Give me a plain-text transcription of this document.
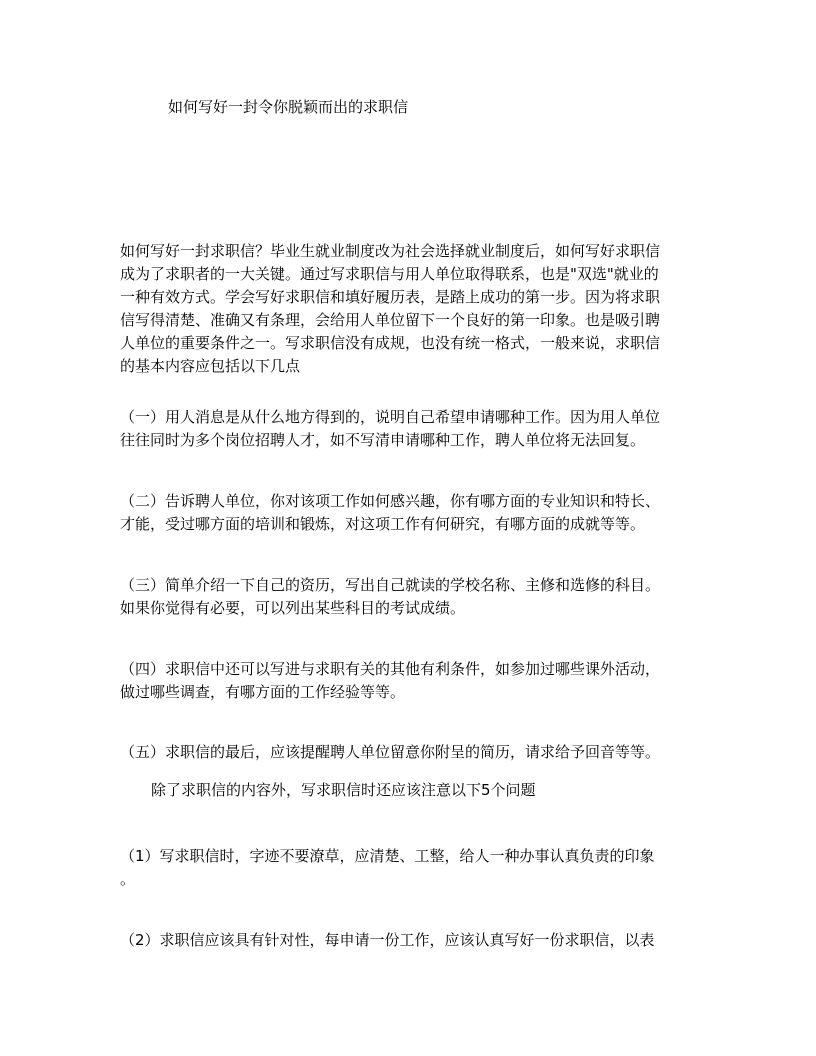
如何写好一封令你脱颖而出的求职信
如何写好一封求职信？毕业生就业制度改为社会选择就业制度后，如何写好求职信
成为了求职者的一大关键。通过写求职信与用人单位取得联系，也是"双选"就业的
一种有效方式。学会写好求职信和填好履历表，是踏上成功的第一步。因为将求职
信写得清楚、准确又有条理，会给用人单位留下一个良好的第一印象。也是吸引聘
人单位的重要条件之一。写求职信没有成规，也没有统一格式，一般来说，求职信
的基本内容应包括以下几点
（一）用人消息是从什么地方得到的，说明自己希望申请哪种工作。因为用人单位
往往同时为多个岗位招聘人才，如不写清申请哪种工作，聘人单位将无法回复。
（二）告诉聘人单位，你对该项工作如何感兴趣，你有哪方面的专业知识和特长、
才能，受过哪方面的培训和锻炼，对这项工作有何研究，有哪方面的成就等等。
（三）简单介绍一下自己的资历，写出自己就读的学校名称、主修和选修的科目。
如果你觉得有必要，可以列出某些科目的考试成绩。
（四）求职信中还可以写进与求职有关的其他有利条件，如参加过哪些课外活动，
做过哪些调查，有哪方面的工作经验等等。
（五）求职信的最后，应该提醒聘人单位留意你附呈的简历，请求给予回音等等。
除了求职信的内容外，写求职信时还应该注意以下5个问题
（1）写求职信时，字迹不要潦草，应清楚、工整，给人一种办事认真负责的印象
。
（2）求职信应该具有针对性，每申请一份工作，应该认真写好一份求职信，以表
